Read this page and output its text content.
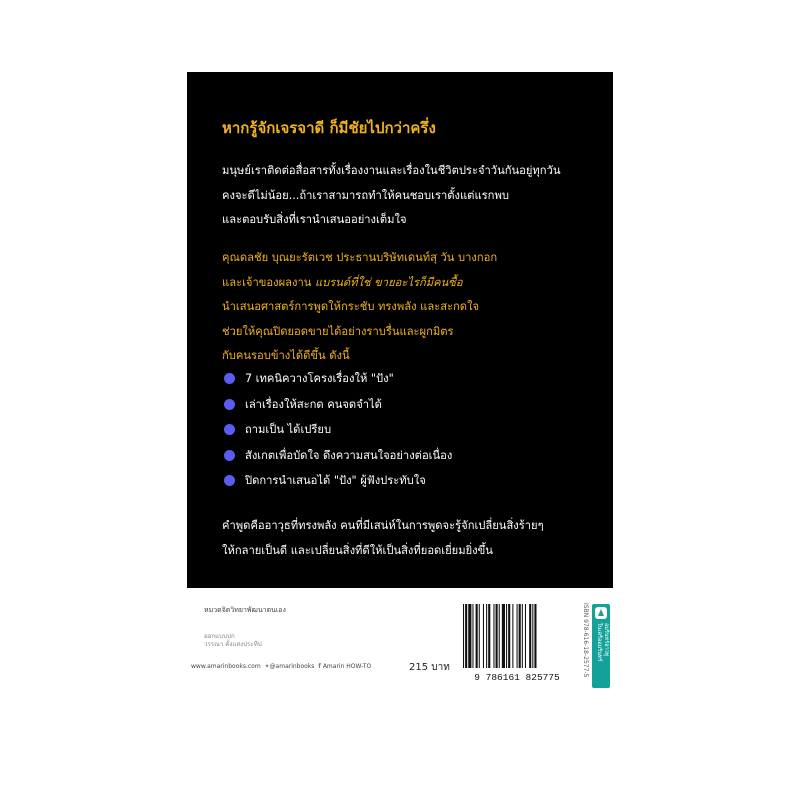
หากรู้จักเจรจาดี ก็มีชัยไปกว่าครึ่ง

มนุษย์เราติดต่อสื่อสารทั้งเรื่องงานและเรื่องในชีวิตประจำวันกันอยู่ทุกวัน
คงจะดีไม่น้อย...ถ้าเราสามารถทำให้คนชอบเราตั้งแต่แรกพบ
และตอบรับสิ่งที่เรานำเสนออย่างเต็มใจ

คุณดลชัย บุณยะรัตเวช ประธานบริษัทเดนท์สุ วัน บางกอก
และเจ้าของผลงาน แบรนด์ที่ใช่ ขายอะไรก็มีคนซื้อ
นำเสนอศาสตร์การพูดให้กระชับ ทรงพลัง และสะกดใจ
ช่วยให้คุณปิดยอดขายได้อย่างราบรื่นและผูกมิตร
กับคนรอบข้างได้ดีขึ้น ดังนี้

7 เทคนิควางโครงเรื่องให้ "ปัง"
เล่าเรื่องให้สะกด คนจดจำได้
ถามเป็น ได้เปรียบ
สังเกตเพื่อบัดใจ ดึงความสนใจอย่างต่อเนื่อง
ปิดการนำเสนอได้ "ปัง" ผู้ฟังประทับใจ

คำพูดคืออาวุธที่ทรงพลัง คนที่มีเสน่ห์ในการพูดจะรู้จักเปลี่ยนสิ่งร้ายๆ
ให้กลายเป็นดี และเปลี่ยนสิ่งที่ดีให้เป็นสิ่งที่ยอดเยี่ยมยิ่งขึ้น

หมวดจิตวิทยาพัฒนาตนเอง
ออกแบบปก
วรรณา ตั้งแสงประทีป
www.amarinbooks.com ✦@amarinbooks f Amarin HOW-TO	215 บาท
9 786161 825775
ISBN 978-616-18-2577-5	อมรินทร์ฮาวทู
ในเครืออมรินทร์
